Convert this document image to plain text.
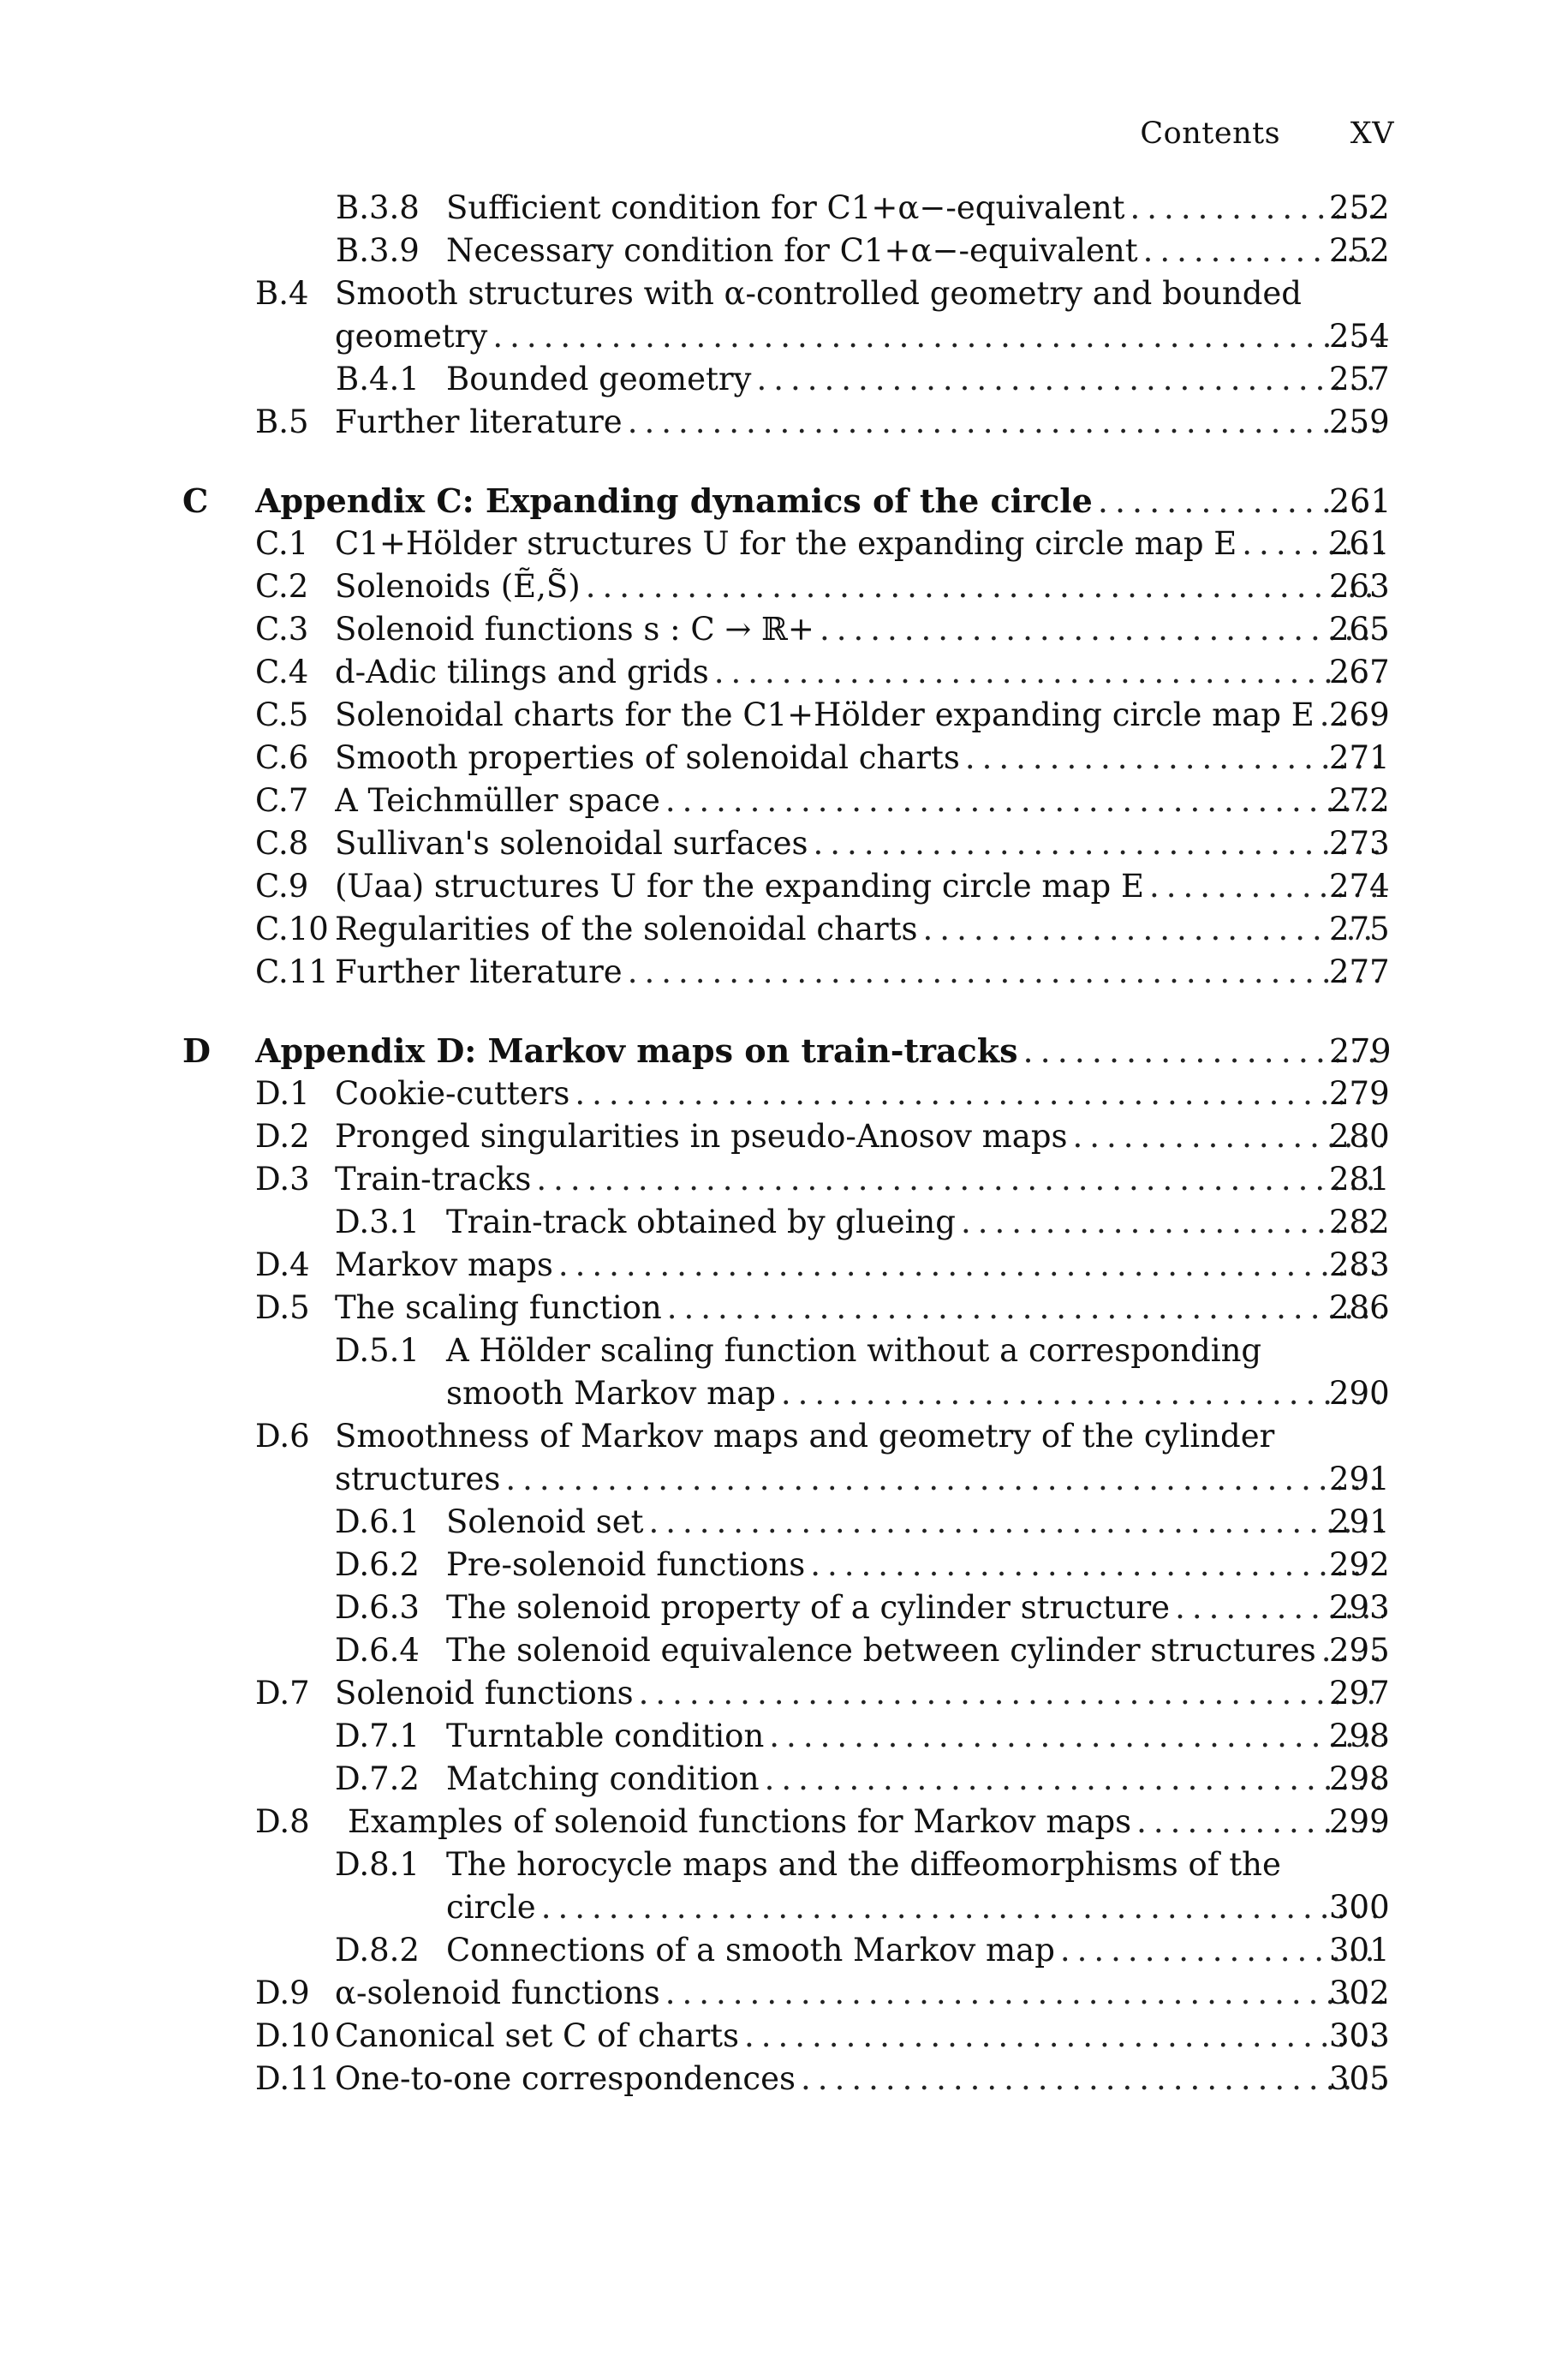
Contents XV
B.3.8 Sufficient condition for C1+α−-equivalent .....	252
B.3.9 Necessary condition for C1+α−-equivalent .....	252
B.4 Smooth structures with α-controlled geometry and bounded
geometry .....	254
B.4.1 Bounded geometry .....	257
B.5 Further literature .....	259
C Appendix C: Expanding dynamics of the circle .....	261
C.1 C1+Hölder structures U for the expanding circle map E .....	261
C.2 Solenoids (Ẽ,S̃) .....	263
C.3 Solenoid functions s : C → ℝ+ .....	265
C.4 d-Adic tilings and grids .....	267
C.5 Solenoidal charts for the C1+Hölder expanding circle map E ..... 269
C.6 Smooth properties of solenoidal charts .....	271
C.7 A Teichmüller space .....	272
C.8 Sullivan's solenoidal surfaces .....	273
C.9 (Uaa) structures U for the expanding circle map E .....	274
C.10 Regularities of the solenoidal charts .....	275
C.11 Further literature .....	277
D Appendix D: Markov maps on train-tracks .....	279
D.1 Cookie-cutters .....	279
D.2 Pronged singularities in pseudo-Anosov maps .....	280
D.3 Train-tracks .....	281
D.3.1 Train-track obtained by glueing .....	282
D.4 Markov maps .....	283
D.5 The scaling function .....	286
D.5.1 A Hölder scaling function without a corresponding
smooth Markov map .....	290
D.6 Smoothness of Markov maps and geometry of the cylinder
structures .....	291
D.6.1 Solenoid set .....	291
D.6.2 Pre-solenoid functions .....	292
D.6.3 The solenoid property of a cylinder structure .....	293
D.6.4 The solenoid equivalence between cylinder structures ..... 295
D.7 Solenoid functions .....	297
D.7.1 Turntable condition .....	298
D.7.2 Matching condition .....	298
D.8 Examples of solenoid functions for Markov maps .....	299
D.8.1 The horocycle maps and the diffeomorphisms of the
circle .....	300
D.8.2 Connections of a smooth Markov map .....	301
D.9 α-solenoid functions .....	302
D.10 Canonical set C of charts .....	303
D.11 One-to-one correspondences .....	305
